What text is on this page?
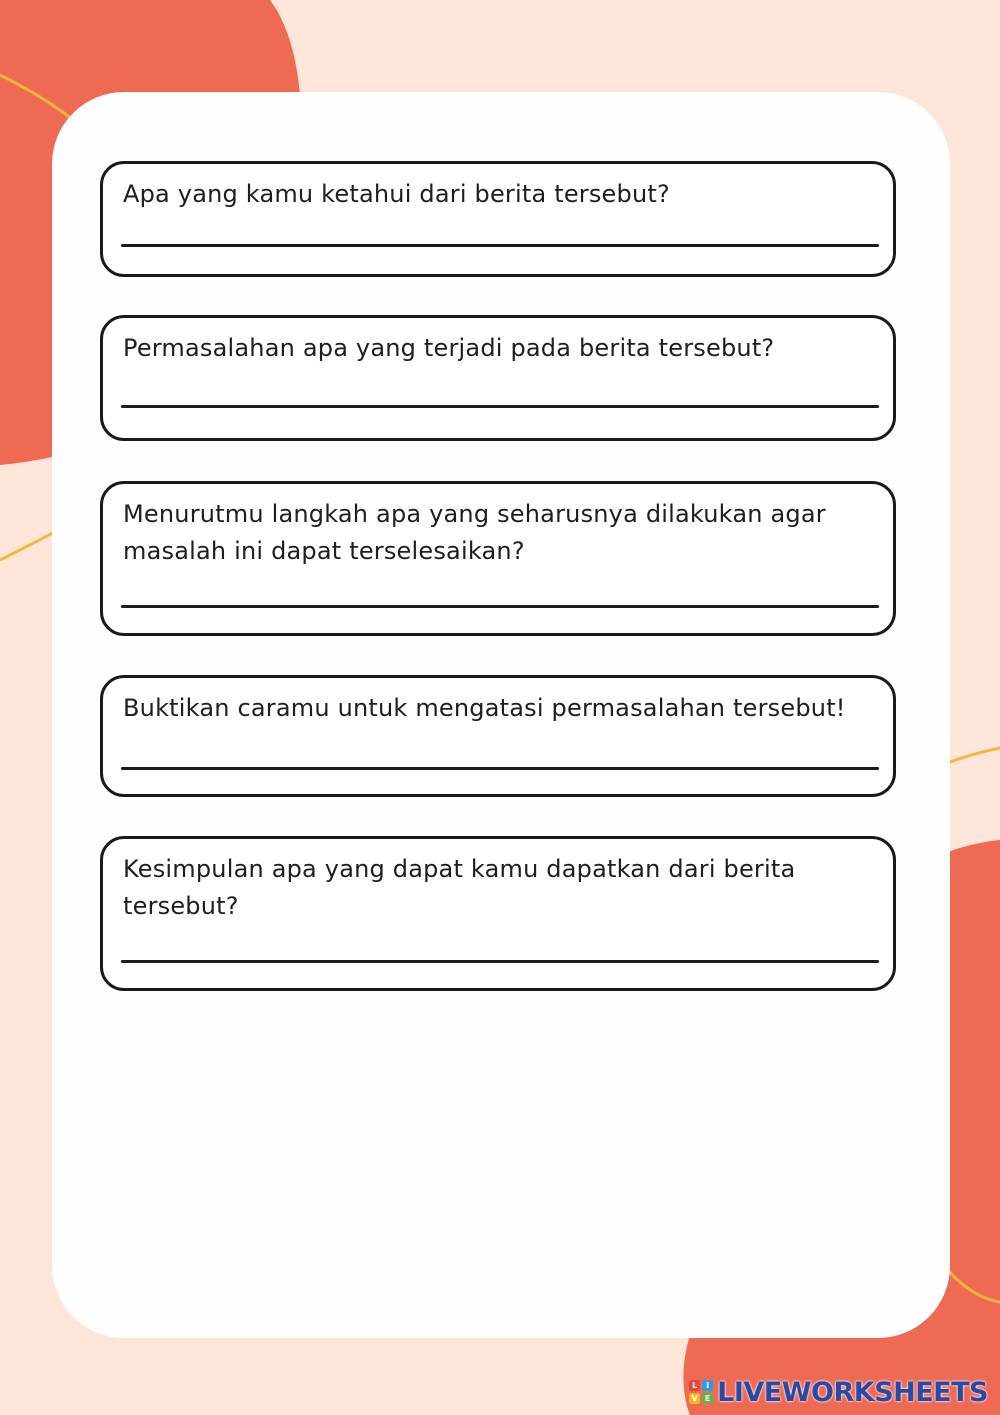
Apa yang kamu ketahui dari berita tersebut?
Permasalahan apa yang terjadi pada berita tersebut?
Menurutmu langkah apa yang seharusnya dilakukan agar masalah ini dapat terselesaikan?
Buktikan caramu untuk mengatasi permasalahan tersebut!
Kesimpulan apa yang dapat kamu dapatkan dari berita tersebut?
L	I
V E LIVEWORKSHEETS
